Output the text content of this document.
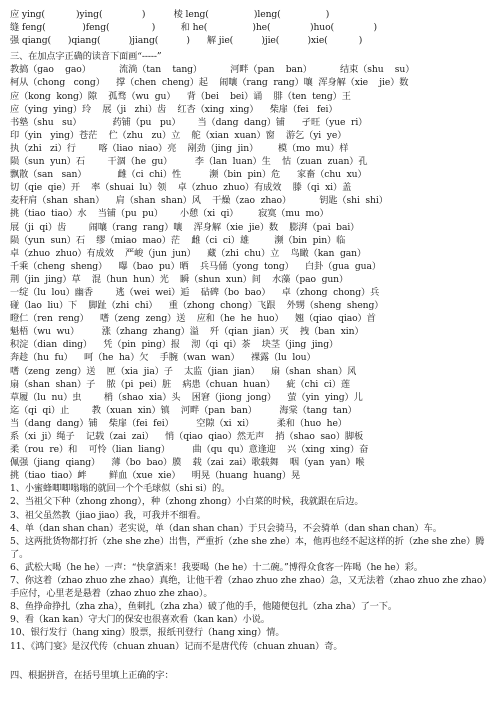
应 ying(           )ying(              )          棱 leng(                )leng(                )
缝 feng(             )feng(               )         和 he(                )he(              )huo(              )
强 qiang(      )qiang(          )jiang(          )      解 jie(          )jie(          )xie(           )
三、在加点字正确的读音下面画“-----”
教搞（gao    gao）          流淌（tan    tang）          河畔（pan    ban）          结束（shu    su）
柯从（chong   cong）    撑（chen  cheng）起    闹嚷（rang  rang）嚷  浑身解（xie    jie）数
应（kong  kong）隙    孤骛（wu  gu）    背（bei    bei）诵    腓（ten  teng）王
应（ying  ying）玲    展（ji   zhi）齿    红杏（xing  xing）    柴扉（fei   fei）
书塾（shu   su）           药铺（pu   pu）      当（dang  dang）铺      孑旺（yue  ri）
印（yin   ying）苍茫    伫（zhu   zu）立    舵（xian  xuan）窗    游乞（yi  ye）
执（zhi   zi）行        喀（liao  niao）亮    剐劲（jing  jin）       模（mo  mu）样
陨（sun  yun）石        干涸（he  gu）        李（lan  luan）生    怙（zuan  zuan）孔
飘散（san   san）           雌（ci  chi）性          濒（bin  pin）危      家畜（chu  xu）
切（qie  qie）开    率（shuai  lu）领    卓（zhuo  zhuo）有成效    滕（qi  xi）盖
麦秆肩（shan  shan）    肩（shan  shan）风    干燥（zao  zhao）          钥匙（shi  shi）
挑（tiao  tiao）水    当铺（pu  pu）      小憩（xi  qi）       寂寞（mu  mo）
展（ji  qi）齿        闹嚷（rang  rang）嚷    浑身解（xie  jie）数    膨湃（pai  bai）
陨（yun  sun）石    缪（miao  mao）茫    雌（ci  ci）雄         濒（bin  pin）临
卓（zhuo  zhuo）有成效    严峻（jun  jun）    藏（zhi  chu）立    鸟瞰（kan  gan）
千乘（cheng  sheng）    曝（bao  pu）晒    兵马俑（yong  tong）    白卦（gua  gua）
荆（jin  jing）草    混（hun  hun）光    瞬（shun  xun）间    水藻（pao  gun）
一绽（lu  lou）幽香        逃（wei  wei）逅    砧碑（bo  bao）    卓（zhong  chong）兵
碰（lao  liu）下    脚趾（zhi  chi）    重（zhong  chong）飞跟    外甥（sheng  sheng）
瞪仁（ren  reng）    嗜（zeng  zeng）送    应和（he  he  huo）    翘（qiao  qiao）首
魁梧（wu  wu）        涨（zhang  zhang）溢    歼（qian  jian）灭    拽（ban  xin）
积淀（dian  ding）    凭（pin  ping）报    沏（qi  qi）茶    块茎（jing  jing）
奔趁（hu  fu）    呵（he  ha）欠    手腕（wan  wan）    裸露（lu  lou）
嗜（zeng  zeng）送    匣（xia  jia）子    太监（jian  jian）    扇（shan  shan）风
扇（shan  shan）子    脓（pi  pei）脏    病患（chuan  huan）    疵（chi  ci）莲
草履（lu  nu）虫        梢（shao  xia）头    困窘（jiong  jong）    萤（yin  ying）儿
迄（qi  qi）止        教（xuan  xin）镇    河畔（pan  ban）        海棠（tang  tan）
当（dang  dang）铺    柴扉（fei  fei）        空隙（xi  xi）        柔和（huo  he）
系（xi  ji）绳子    记载（zai  zai）    悄（qiao  qiao）然无声    捎（shao  sao）脚板
柔（rou  re）和    可怜（lian  liang）        曲（qu  qu）意逢迎    兴（xing  xing）奋
佩强（jiang  qiang）    薄（bo  bao）膜    载（zai  zai）歌载舞    咽（yan  yan）喉
挑（tiao  tiao）衅        鲜血（xue  xie）    明晃（huang  huang）晃
1、小蜜蜂唧唧嗡嗡的就回一个个毛球似（shi si）的。
2、当祖父下种（zhong zhong），种（zhong zhong）小白菜的时候，我就跟在后边。
3、祖父虽然教（jiao jiao）我，可我并不细看。
4、单（dan shan chan）老实说，单（dan shan chan）于只会骑马，不会骑单（dan shan chan）车。
5、这两批货物都打折（zhe she zhe）出售，严重折（zhe she zhe）本，他再也经不起这样的折（zhe she zhe）腾了。
6、武松大喝（he he）一声：“快拿酒来！我要喝（he he）十二碗。”博得众食客一阵喝（he he）彩。
7、你这着（zhao zhuo zhe zhao）真绝，让他干着（zhao zhuo zhe zhao）急，又无法着（zhao zhuo zhe zhao）手应付，心里老是悬着（zhao zhuo zhe zhao）。
8、鱼挣命挣扎（zha zha），鱼刺扎（zha zha）破了他的手，他随便包扎（zha zha）了一下。
9、看（kan kan）守大门的保安也很喜欢看（kan kan）小说。
10、银行发行（hang xing）股票，报纸刊登行（hang xing）情。
11、《鸿门宴》是汉代传（chuan zhuan）记而不是唐代传（chuan zhuan）奇。
四、根据拼音，在括号里填上正确的字：
